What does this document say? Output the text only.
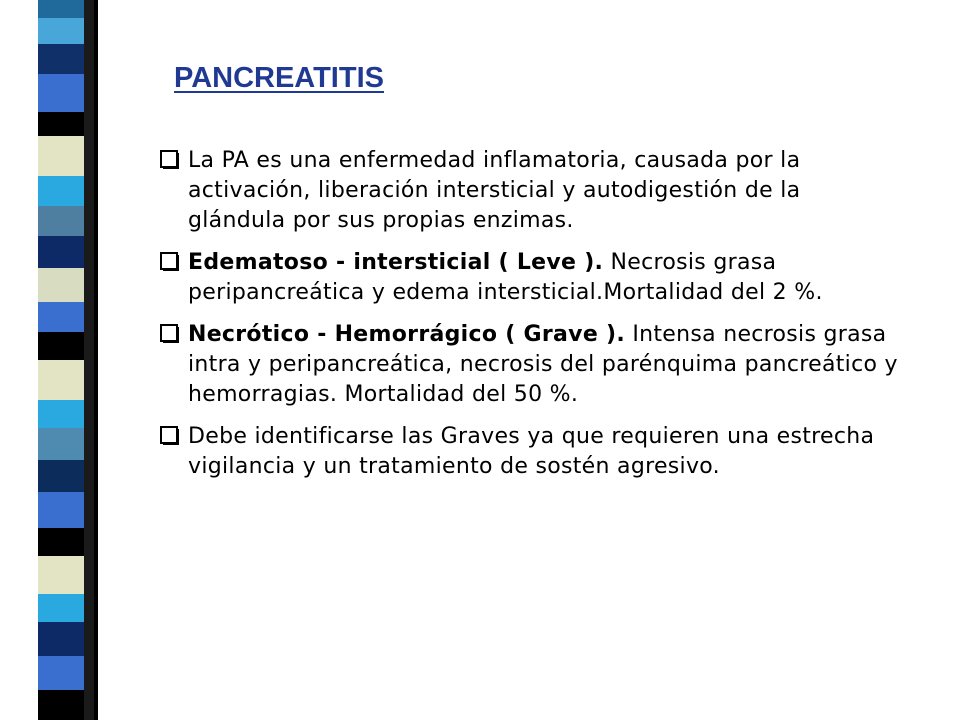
PANCREATITIS
La PA es una enfermedad inflamatoria, causada por la activación, liberación intersticial y autodigestión de la glándula por sus propias enzimas.
Edematoso - intersticial ( Leve ). Necrosis grasa peripancreática y edema intersticial.Mortalidad del 2 %.
Necrótico - Hemorrágico ( Grave ). Intensa necrosis grasa intra y peripancreática, necrosis del parénquima pancreático y hemorragias. Mortalidad del 50 %.
Debe identificarse las Graves ya que requieren una estrecha vigilancia y un tratamiento de sostén agresivo.
